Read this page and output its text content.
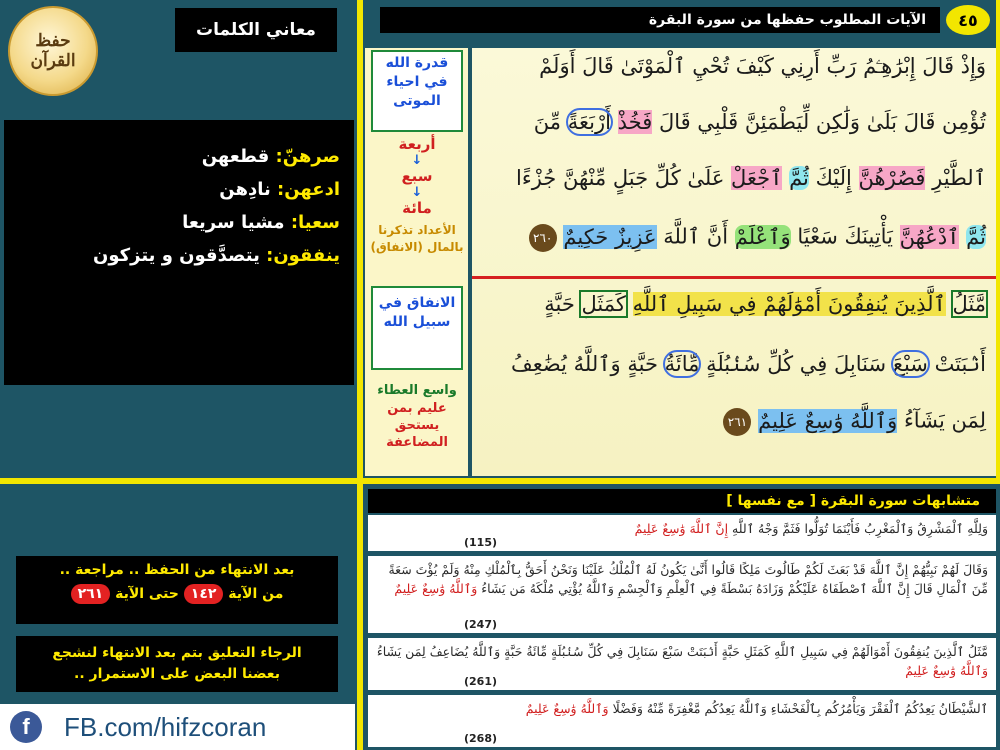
حفظ
القرآن
معاني الكلمات
صرهنّ: قطعهن
ادعهن: نادِهن
سعيا: مشيا سريعا
ينفقون: يتصدَّقون و يتزكون
بعد الانتهاء من الحفظ .. مراجعة ..
من الآية ١٤٢ حتى الآية ٢٦١
الرجاء التعليق بتم بعد الانتهاء لنشجع
بعضنا البعض على الاستمرار ..
f	FB.com/hifzcoran
الآيات المطلوب حفظها من سورة البقرة	٤٥
قدرة الله في احياء الموتى
أربعة
↓
سبع
↓
مائة
الأعداد تذكرنا بالمال (الانفاق)
الانفاق في سبيل الله
واسع العطاء
عليم بمن يستحق المضاعفة
وَإِذْ قَالَ إِبْرَٰهِـۧمُ رَبِّ أَرِنِي كَيْفَ تُحْيِ ٱلْمَوْتَىٰ قَالَ أَوَلَمْ
تُؤْمِن قَالَ بَلَىٰ وَلَٰكِن لِّيَطْمَئِنَّ قَلْبِي قَالَ فَخُذْ أَرْبَعَةً مِّنَ
ٱلطَّيْرِ فَصُرْهُنَّ إِلَيْكَ ثُمَّ ٱجْعَلْ عَلَىٰ كُلِّ جَبَلٍ مِّنْهُنَّ جُزْءًا
ثُمَّ ٱدْعُهُنَّ يَأْتِينَكَ سَعْيًا وَٱعْلَمْ أَنَّ ٱللَّهَ عَزِيزٌ حَكِيمٌ ٢٦٠
مَّثَلُ ٱلَّذِينَ يُنفِقُونَ أَمْوَٰلَهُمْ فِي سَبِيلِ ٱللَّهِ كَمَثَلِ حَبَّةٍ
أَنۢبَتَتْ سَبْعَ سَنَابِلَ فِي كُلِّ سُنۢبُلَةٍ مِّائَةُ حَبَّةٍ وَٱللَّهُ يُضَٰعِفُ
لِمَن يَشَآءُ وَٱللَّهُ وَٰسِعٌ عَلِيمٌ ٢٦١
متشابهات سورة البقرة [ مع نفسها ]
وَلِلَّهِ ٱلْمَشْرِقُ وَٱلْمَغْرِبُ فَأَيْنَمَا تُوَلُّوا فَثَمَّ وَجْهُ ٱللَّهِ إِنَّ ٱللَّهَ وَٰسِعٌ عَلِيمٌ
(115)
وَقَالَ لَهُمْ نَبِيُّهُمْ إِنَّ ٱللَّهَ قَدْ بَعَثَ لَكُمْ طَالُوتَ مَلِكًا قَالُوا أَنَّىٰ يَكُونُ لَهُ ٱلْمُلْكُ عَلَيْنَا وَنَحْنُ أَحَقُّ بِٱلْمُلْكِ مِنْهُ وَلَمْ يُؤْتَ سَعَةً مِّنَ ٱلْمَالِ قَالَ إِنَّ ٱللَّهَ ٱصْطَفَاهُ عَلَيْكُمْ وَزَادَهُ بَسْطَةً فِي ٱلْعِلْمِ وَٱلْجِسْمِ وَٱللَّهُ يُؤْتِي مُلْكَهُ مَن يَشَاءُ وَٱللَّهُ وَٰسِعٌ عَلِيمٌ
(247)
مَّثَلُ ٱلَّذِينَ يُنفِقُونَ أَمْوَالَهُمْ فِي سَبِيلِ ٱللَّهِ كَمَثَلِ حَبَّةٍ أَنۢبَتَتْ سَبْعَ سَنَابِلَ فِي كُلِّ سُنۢبُلَةٍ مِّائَةُ حَبَّةٍ وَٱللَّهُ يُضَاعِفُ لِمَن يَشَاءُ وَٱللَّهُ وَٰسِعٌ عَلِيمٌ
(261)
ٱلشَّيْطَانُ يَعِدُكُمُ ٱلْفَقْرَ وَيَأْمُرُكُم بِٱلْفَحْشَاءِ وَٱللَّهُ يَعِدُكُم مَّغْفِرَةً مِّنْهُ وَفَضْلًا وَٱللَّهُ وَٰسِعٌ عَلِيمٌ
(268)
